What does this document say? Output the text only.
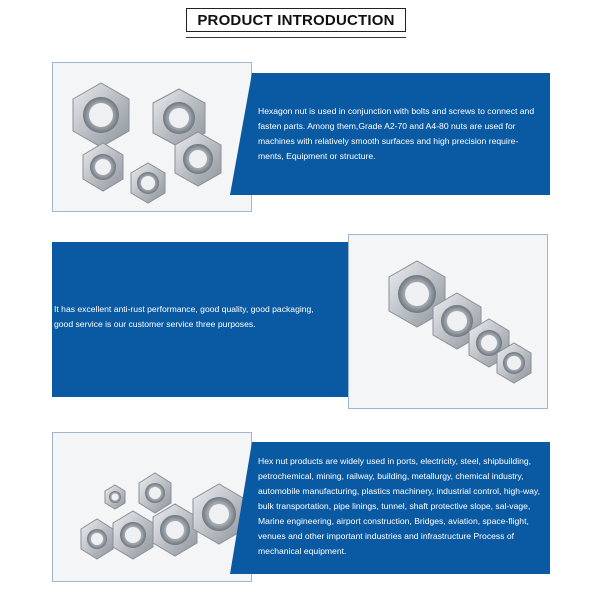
PRODUCT INTRODUCTION
Hexagon nut is used in conjunction with bolts and screws to connect and fasten parts. Among them,Grade A2-70 and A4-80 nuts are used for machines with relatively smooth surfaces and high precision require-ments, Equipment or structure.
It has excellent anti-rust performance, good quality, good packaging, good service is our customer service three purposes.
Hex nut products are widely used in ports, electricity, steel, shipbuilding, petrochemical, mining, railway, building, metallurgy, chemical industry, automobile manufacturing, plastics machinery, industrial control, high-way, bulk transportation, pipe linings, tunnel, shaft protective slope, sal-vage, Marine engineering, airport construction, Bridges, aviation, space-flight, venues and other important industries and infrastructure Process of mechanical equipment.
